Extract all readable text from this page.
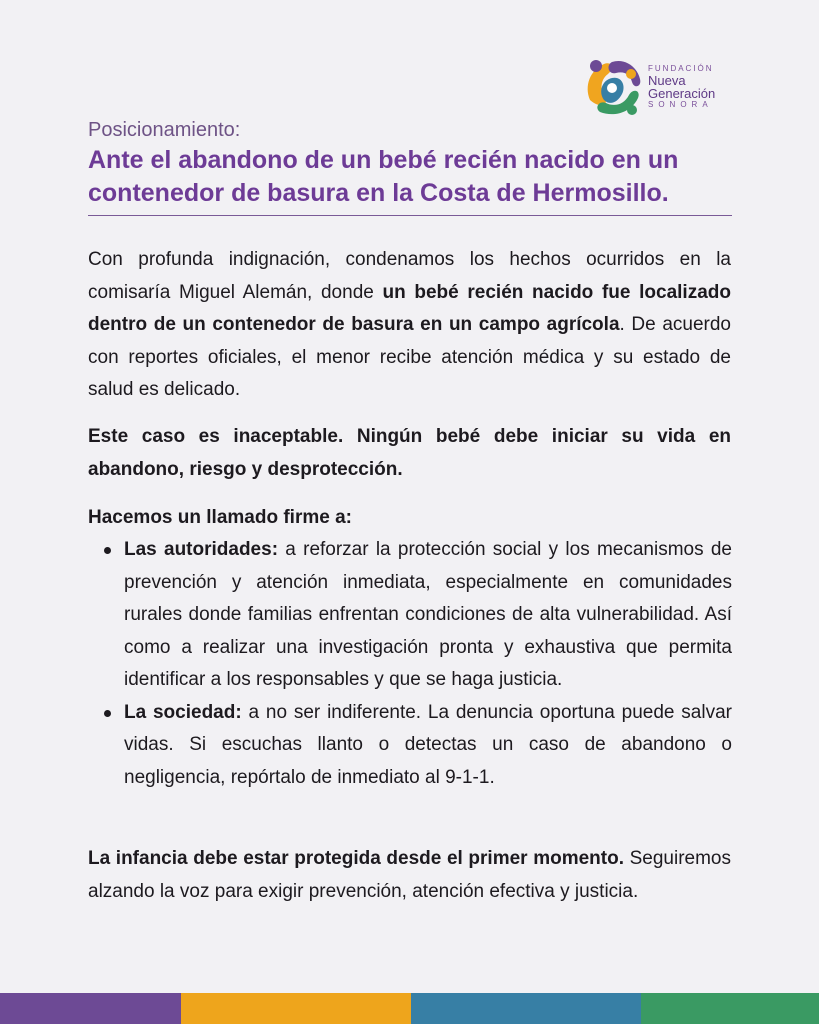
FUNDACIÓN
Nueva
Generación
SONORA
Posicionamiento:
Ante el abandono de un bebé recién nacido en un contenedor de basura en la Costa de Hermosillo.

Con profunda indignación, condenamos los hechos ocurridos en la comisaría Miguel Alemán, donde un bebé recién nacido fue localizado dentro de un contenedor de basura en un campo agrícola. De acuerdo con reportes oficiales, el menor recibe atención médica y su estado de salud es delicado.

Este caso es inaceptable. Ningún bebé debe iniciar su vida en abandono, riesgo y desprotección.

Hacemos un llamado firme a:

Las autoridades: a reforzar la protección social y los mecanismos de prevención y atención inmediata, especialmente en comunidades rurales donde familias enfrentan condiciones de alta vulnerabilidad. Así como a realizar una investigación pronta y exhaustiva que permita identificar a los responsables y que se haga justicia.
La sociedad: a no ser indiferente. La denuncia oportuna puede salvar vidas. Si escuchas llanto o detectas un caso de abandono o negligencia, repórtalo de inmediato al 9-1-1.

La infancia debe estar protegida desde el primer momento. Seguiremos alzando la voz para exigir prevención, atención efectiva y justicia.
